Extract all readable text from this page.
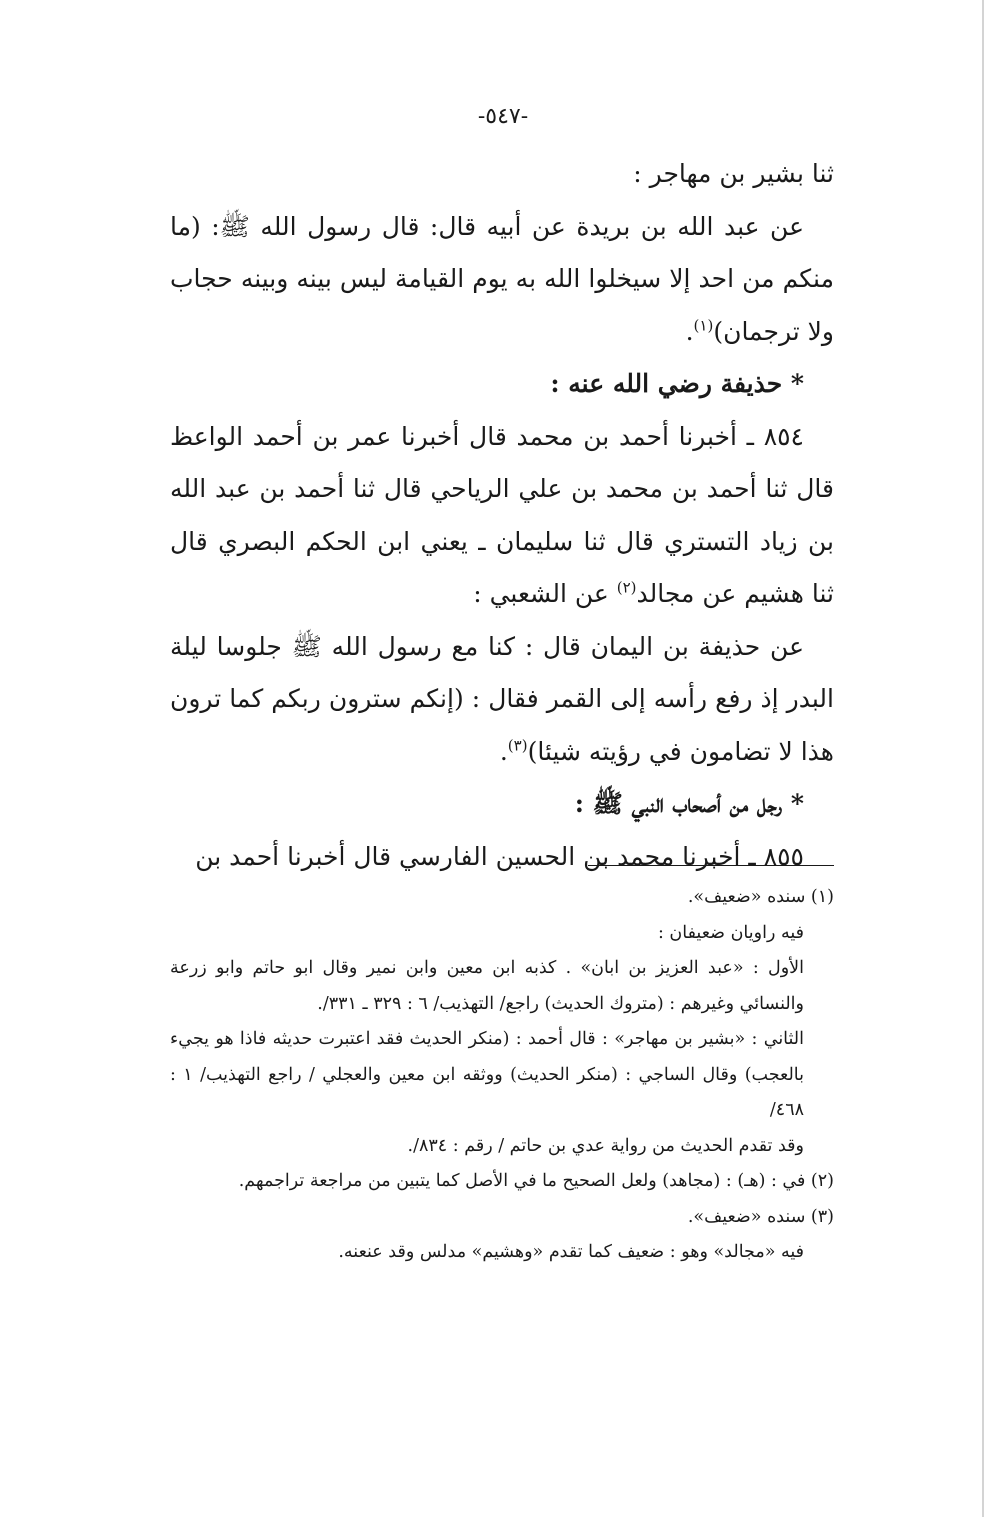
-٥٤٧-

ثنا بشير بن مهاجر :

عن عبد الله بن بريدة عن أبيه قال: قال رسول الله ﷺ: (ما منكم من احد إلا سيخلوا الله به يوم القيامة ليس بينه وبينه حجاب ولا ترجمان)$^{(١)}$.

* حذيفة رضي الله عنه :

٨٥٤ ـ أخبرنا أحمد بن محمد قال أخبرنا عمر بن أحمد الواعظ قال ثنا أحمد بن محمد بن علي الرياحي قال ثنا أحمد بن عبد الله بن زياد التستري قال ثنا سليمان ـ يعني ابن الحكم البصري قال ثنا هشيم عن مجالد$^{(٢)}$ عن الشعبي :

عن حذيفة بن اليمان قال : كنا مع رسول الله ﷺ جلوسا ليلة البدر إذ رفع رأسه إلى القمر فقال : (إنكم سترون ربكم كما ترون هذا لا تضامون في رؤيته شيئا)$^{(٣)}$.

* رجل من أصحاب النبي ﷺ :

٨٥٥ ـ أخبرنا محمد بن الحسين الفارسي قال أخبرنا أحمد بن

(١) سنده «ضعيف».

فيه راويان ضعيفان :

الأول : «عبد العزيز بن ابان» . كذبه ابن معين وابن نمير وقال ابو حاتم وابو زرعة والنسائي وغيرهم : (متروك الحديث) راجع/ التهذيب/ ٦ : ٣٢٩ ـ ٣٣١/.

الثاني : «بشير بن مهاجر» : قال أحمد : (منكر الحديث فقد اعتبرت حديثه فاذا هو يجيء بالعجب) وقال الساجي : (منكر الحديث) ووثقه ابن معين والعجلي / راجع التهذيب/ ١ : ٤٦٨/

وقد تقدم الحديث من رواية عدي بن حاتم / رقم : ٨٣٤/.

(٢) في : (هـ) : (مجاهد) ولعل الصحيح ما في الأصل كما يتبين من مراجعة تراجمهم.

(٣) سنده «ضعيف».

فيه «مجالد» وهو : ضعيف كما تقدم «وهشيم» مدلس وقد عنعنه.
